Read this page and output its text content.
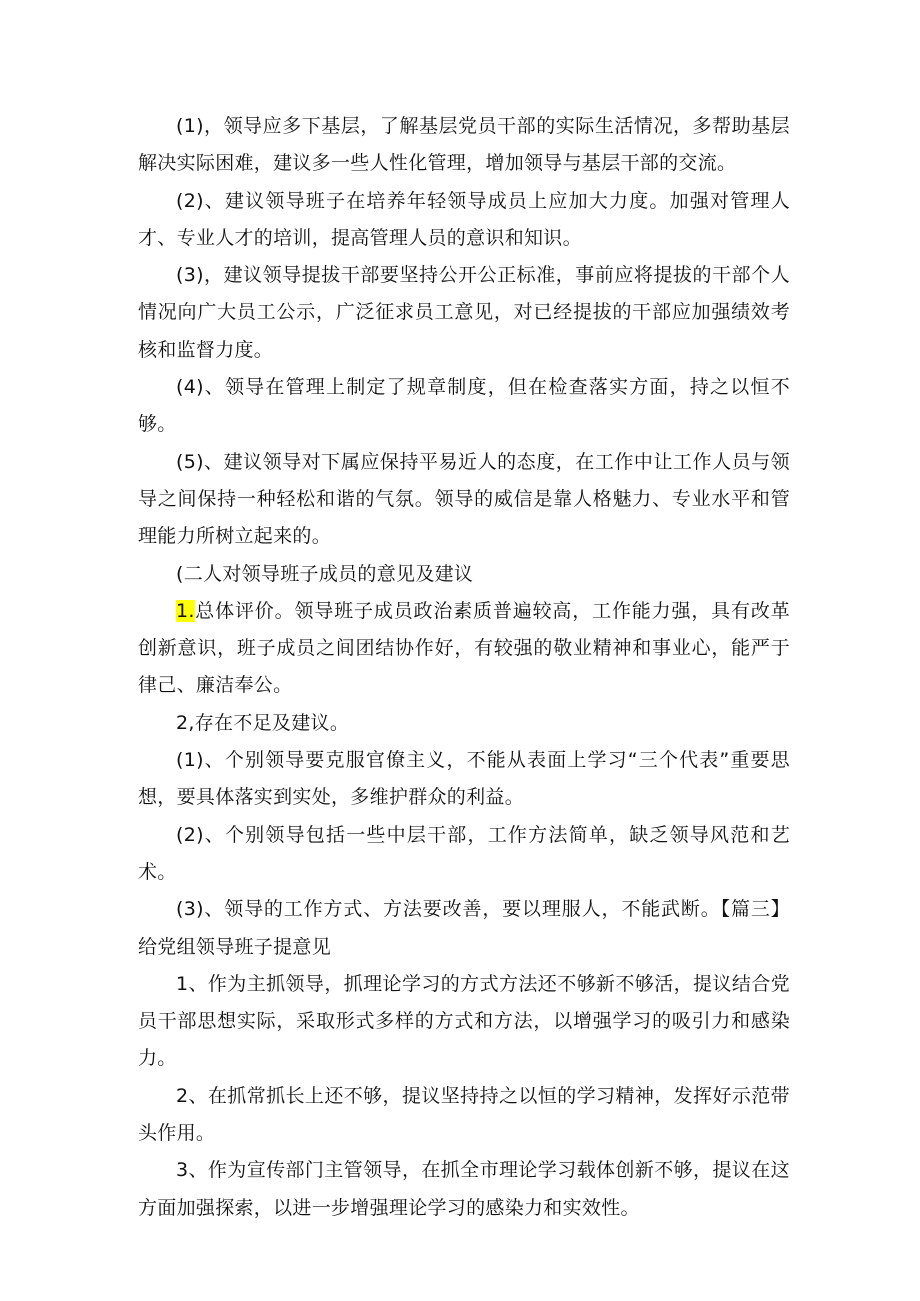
(1)，领导应多下基层，了解基层党员干部的实际生活情况，多帮助基层解决实际困难，建议多一些人性化管理，增加领导与基层干部的交流。

(2)、建议领导班子在培养年轻领导成员上应加大力度。加强对管理人才、专业人才的培训，提高管理人员的意识和知识。

(3)，建议领导提拔干部要坚持公开公正标准，事前应将提拔的干部个人情况向广大员工公示，广泛征求员工意见，对已经提拔的干部应加强绩效考核和监督力度。

(4)、领导在管理上制定了规章制度，但在检查落实方面，持之以恒不够。

(5)、建议领导对下属应保持平易近人的态度，在工作中让工作人员与领导之间保持一种轻松和谐的气氛。领导的威信是靠人格魅力、专业水平和管理能力所树立起来的。

(二人对领导班子成员的意见及建议

1.总体评价。领导班子成员政治素质普遍较高，工作能力强，具有改革创新意识，班子成员之间团结协作好，有较强的敬业精神和事业心，能严于律己、廉洁奉公。

2,存在不足及建议。

(1)、个别领导要克服官僚主义，不能从表面上学习“三个代表”重要思想，要具体落实到实处，多维护群众的利益。

(2)、个别领导包括一些中层干部，工作方法简单，缺乏领导风范和艺术。

(3)、领导的工作方式、方法要改善，要以理服人，不能武断。【篇三】给党组领导班子提意见

1、作为主抓领导，抓理论学习的方式方法还不够新不够活，提议结合党员干部思想实际，采取形式多样的方式和方法，以增强学习的吸引力和感染力。

2、在抓常抓长上还不够，提议坚持持之以恒的学习精神，发挥好示范带头作用。

3、作为宣传部门主管领导，在抓全市理论学习载体创新不够，提议在这方面加强探索，以进一步增强理论学习的感染力和实效性。
